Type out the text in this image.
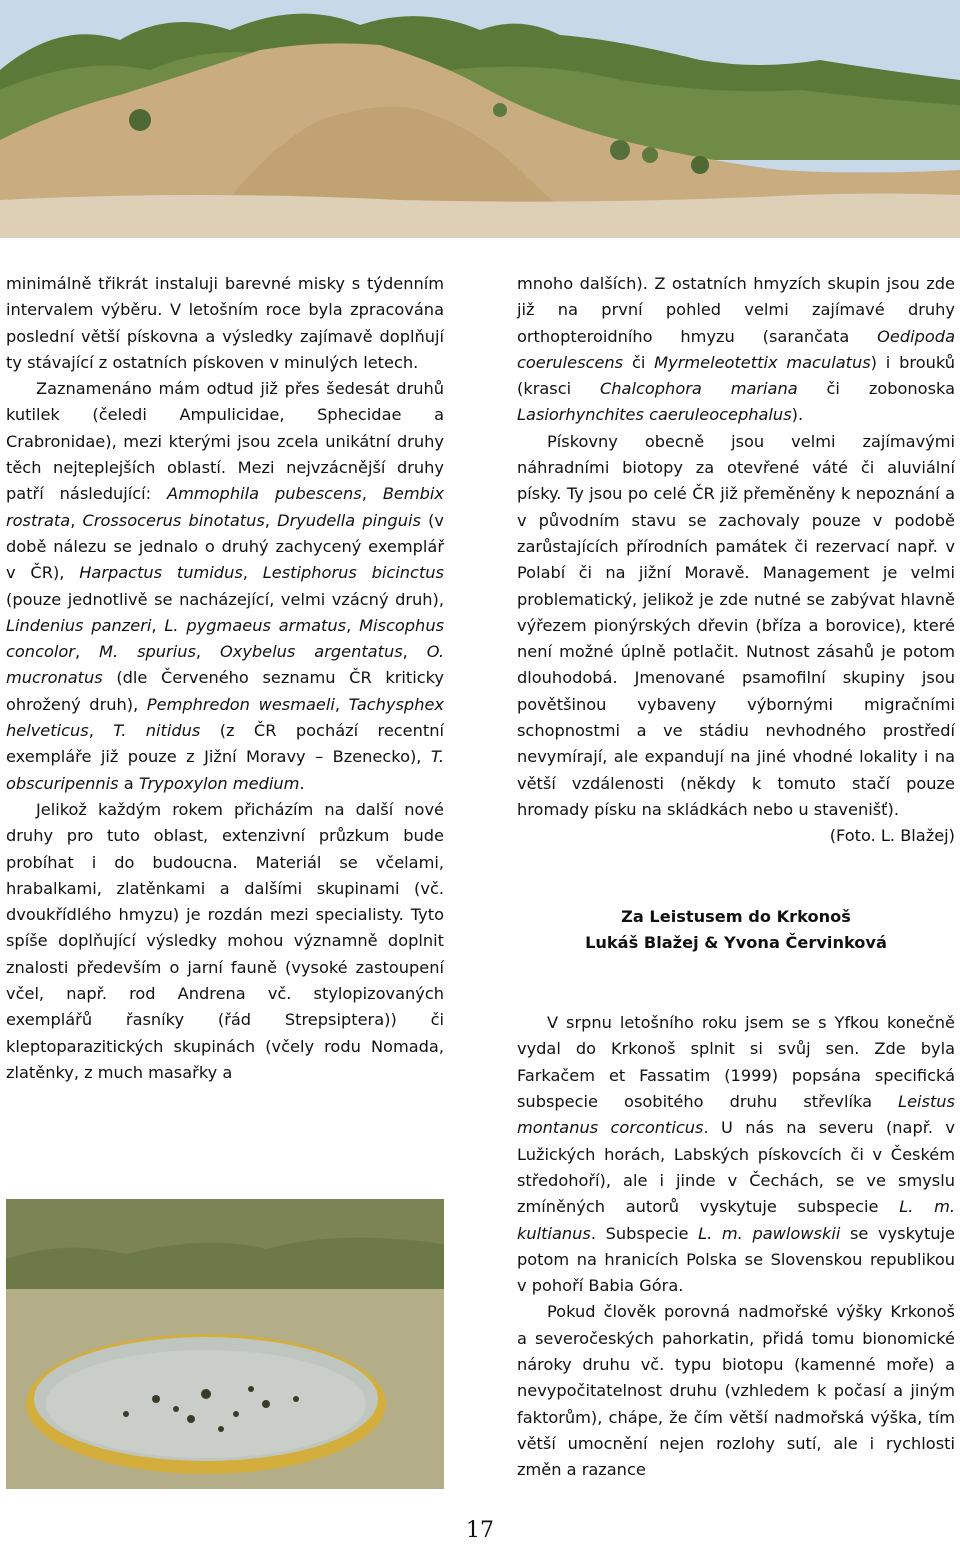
minimálně třikrát instaluji barevné misky s týdenním intervalem výběru. V letošním roce byla zpracována poslední větší pískovna a výsledky zajímavě doplňují ty stávající z ostatních pískoven v minulých letech.

Zaznamenáno mám odtud již přes šedesát druhů kutilek (čeledi Ampulicidae, Sphecidae a Crabronidae), mezi kterými jsou zcela unikátní druhy těch nejteplejších oblastí. Mezi nejvzácnější druhy patří následující: Ammophila pubescens, Bembix rostrata, Crossocerus binotatus, Dryudella pinguis (v době nálezu se jednalo o druhý zachycený exemplář v ČR), Harpactus tumidus, Lestiphorus bicinctus (pouze jednotlivě se nacházející, velmi vzácný druh), Lindenius panzeri, L. pygmaeus armatus, Miscophus concolor, M. spurius, Oxybelus argentatus, O. mucronatus (dle Červeného seznamu ČR kriticky ohrožený druh), Pemphredon wesmaeli, Tachysphex helveticus, T. nitidus (z ČR pochází recentní exempláře již pouze z Jižní Moravy – Bzenecko), T. obscuripennis a Trypoxylon medium.

Jelikož každým rokem přicházím na další nové druhy pro tuto oblast, extenzivní průzkum bude probíhat i do budoucna. Materiál se včelami, hrabalkami, zlatěnkami a dalšími skupinami (vč. dvoukřídlého hmyzu) je rozdán mezi specialisty. Tyto spíše doplňující výsledky mohou významně doplnit znalosti především o jarní fauně (vysoké zastoupení včel, např. rod Andrena vč. stylopizovaných exemplářů řasníky (řád Strepsiptera)) či kleptoparazitických skupinách (včely rodu Nomada, zlatěnky, z much masařky a

mnoho dalších). Z ostatních hmyzích skupin jsou zde již na první pohled velmi zajímavé druhy orthopteroidního hmyzu (sarančata Oedipoda coerulescens či Myrmeleotettix maculatus) i brouků (krasci Chalcophora mariana či zobonoska Lasiorhynchites caeruleocephalus).

Pískovny obecně jsou velmi zajímavými náhradními biotopy za otevřené váté či aluviální písky. Ty jsou po celé ČR již přeměněny k nepoznání a v původním stavu se zachovaly pouze v podobě zarůstajících přírodních památek či rezervací např. v Polabí či na jižní Moravě. Management je velmi problematický, jelikož je zde nutné se zabývat hlavně výřezem pionýrských dřevin (bříza a borovice), které není možné úplně potlačit. Nutnost zásahů je potom dlouhodobá. Jmenované psamofilní skupiny jsou povětšinou vybaveny výbornými migračními schopnostmi a ve stádiu nevhodného prostředí nevymírají, ale expandují na jiné vhodné lokality i na větší vzdálenosti (někdy k tomuto stačí pouze hromady písku na skládkách nebo u stavenišť).

(Foto. L. Blažej)

Za Leistusem do Krkonoš

Lukáš Blažej & Yvona Červinková

V srpnu letošního roku jsem se s Yfkou konečně vydal do Krkonoš splnit si svůj sen. Zde byla Farkačem et Fassatim (1999) popsána specifická subspecie osobitého druhu střevlíka Leistus montanus corconticus. U nás na severu (např. v Lužických horách, Labských pískovcích či v Českém středohoří), ale i jinde v Čechách, se ve smyslu zmíněných autorů vyskytuje subspecie L. m. kultianus. Subspecie L. m. pawlowskii se vyskytuje potom na hranicích Polska se Slovenskou republikou v pohoří Babia Góra.

Pokud člověk porovná nadmořské výšky Krkonoš a severočeských pahorkatin, přidá tomu bionomické nároky druhu vč. typu biotopu (kamenné moře) a nevypočitatelnost druhu (vzhledem k počasí a jiným faktorům), chápe, že čím větší nadmořská výška, tím větší umocnění nejen rozlohy sutí, ale i rychlosti změn a razance

17
